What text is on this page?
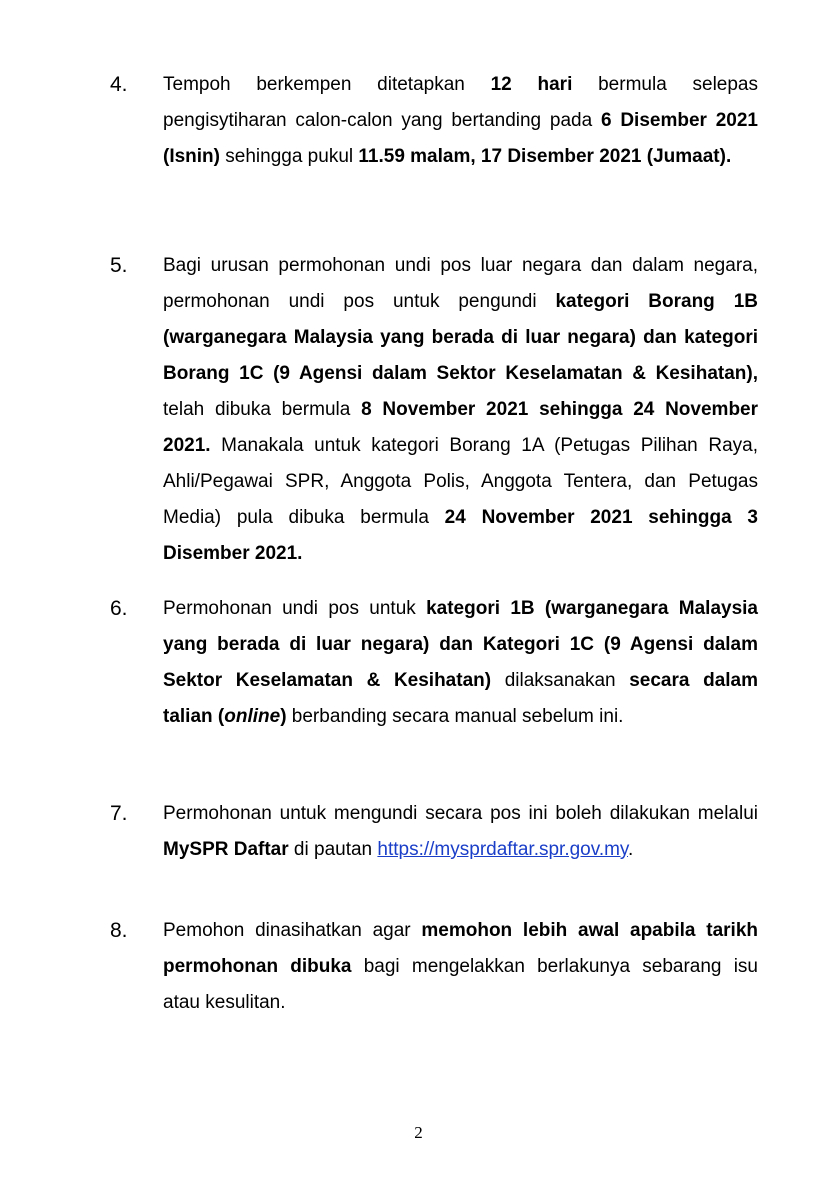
4. Tempoh berkempen ditetapkan 12 hari bermula selepas pengisytiharan calon-calon yang bertanding pada 6 Disember 2021 (Isnin) sehingga pukul 11.59 malam, 17 Disember 2021 (Jumaat).

5. Bagi urusan permohonan undi pos luar negara dan dalam negara, permohonan undi pos untuk pengundi kategori Borang 1B (warganegara Malaysia yang berada di luar negara) dan kategori Borang 1C (9 Agensi dalam Sektor Keselamatan & Kesihatan), telah dibuka bermula 8 November 2021 sehingga 24 November 2021. Manakala untuk kategori Borang 1A (Petugas Pilihan Raya, Ahli/Pegawai SPR, Anggota Polis, Anggota Tentera, dan Petugas Media) pula dibuka bermula 24 November 2021 sehingga 3 Disember 2021.

6. Permohonan undi pos untuk kategori 1B (warganegara Malaysia yang berada di luar negara) dan Kategori 1C (9 Agensi dalam Sektor Keselamatan & Kesihatan) dilaksanakan secara dalam talian (online) berbanding secara manual sebelum ini.

7. Permohonan untuk mengundi secara pos ini boleh dilakukan melalui MySPR Daftar di pautan https://mysprdaftar.spr.gov.my.

8. Pemohon dinasihatkan agar memohon lebih awal apabila tarikh permohonan dibuka bagi mengelakkan berlakunya sebarang isu atau kesulitan.

2
